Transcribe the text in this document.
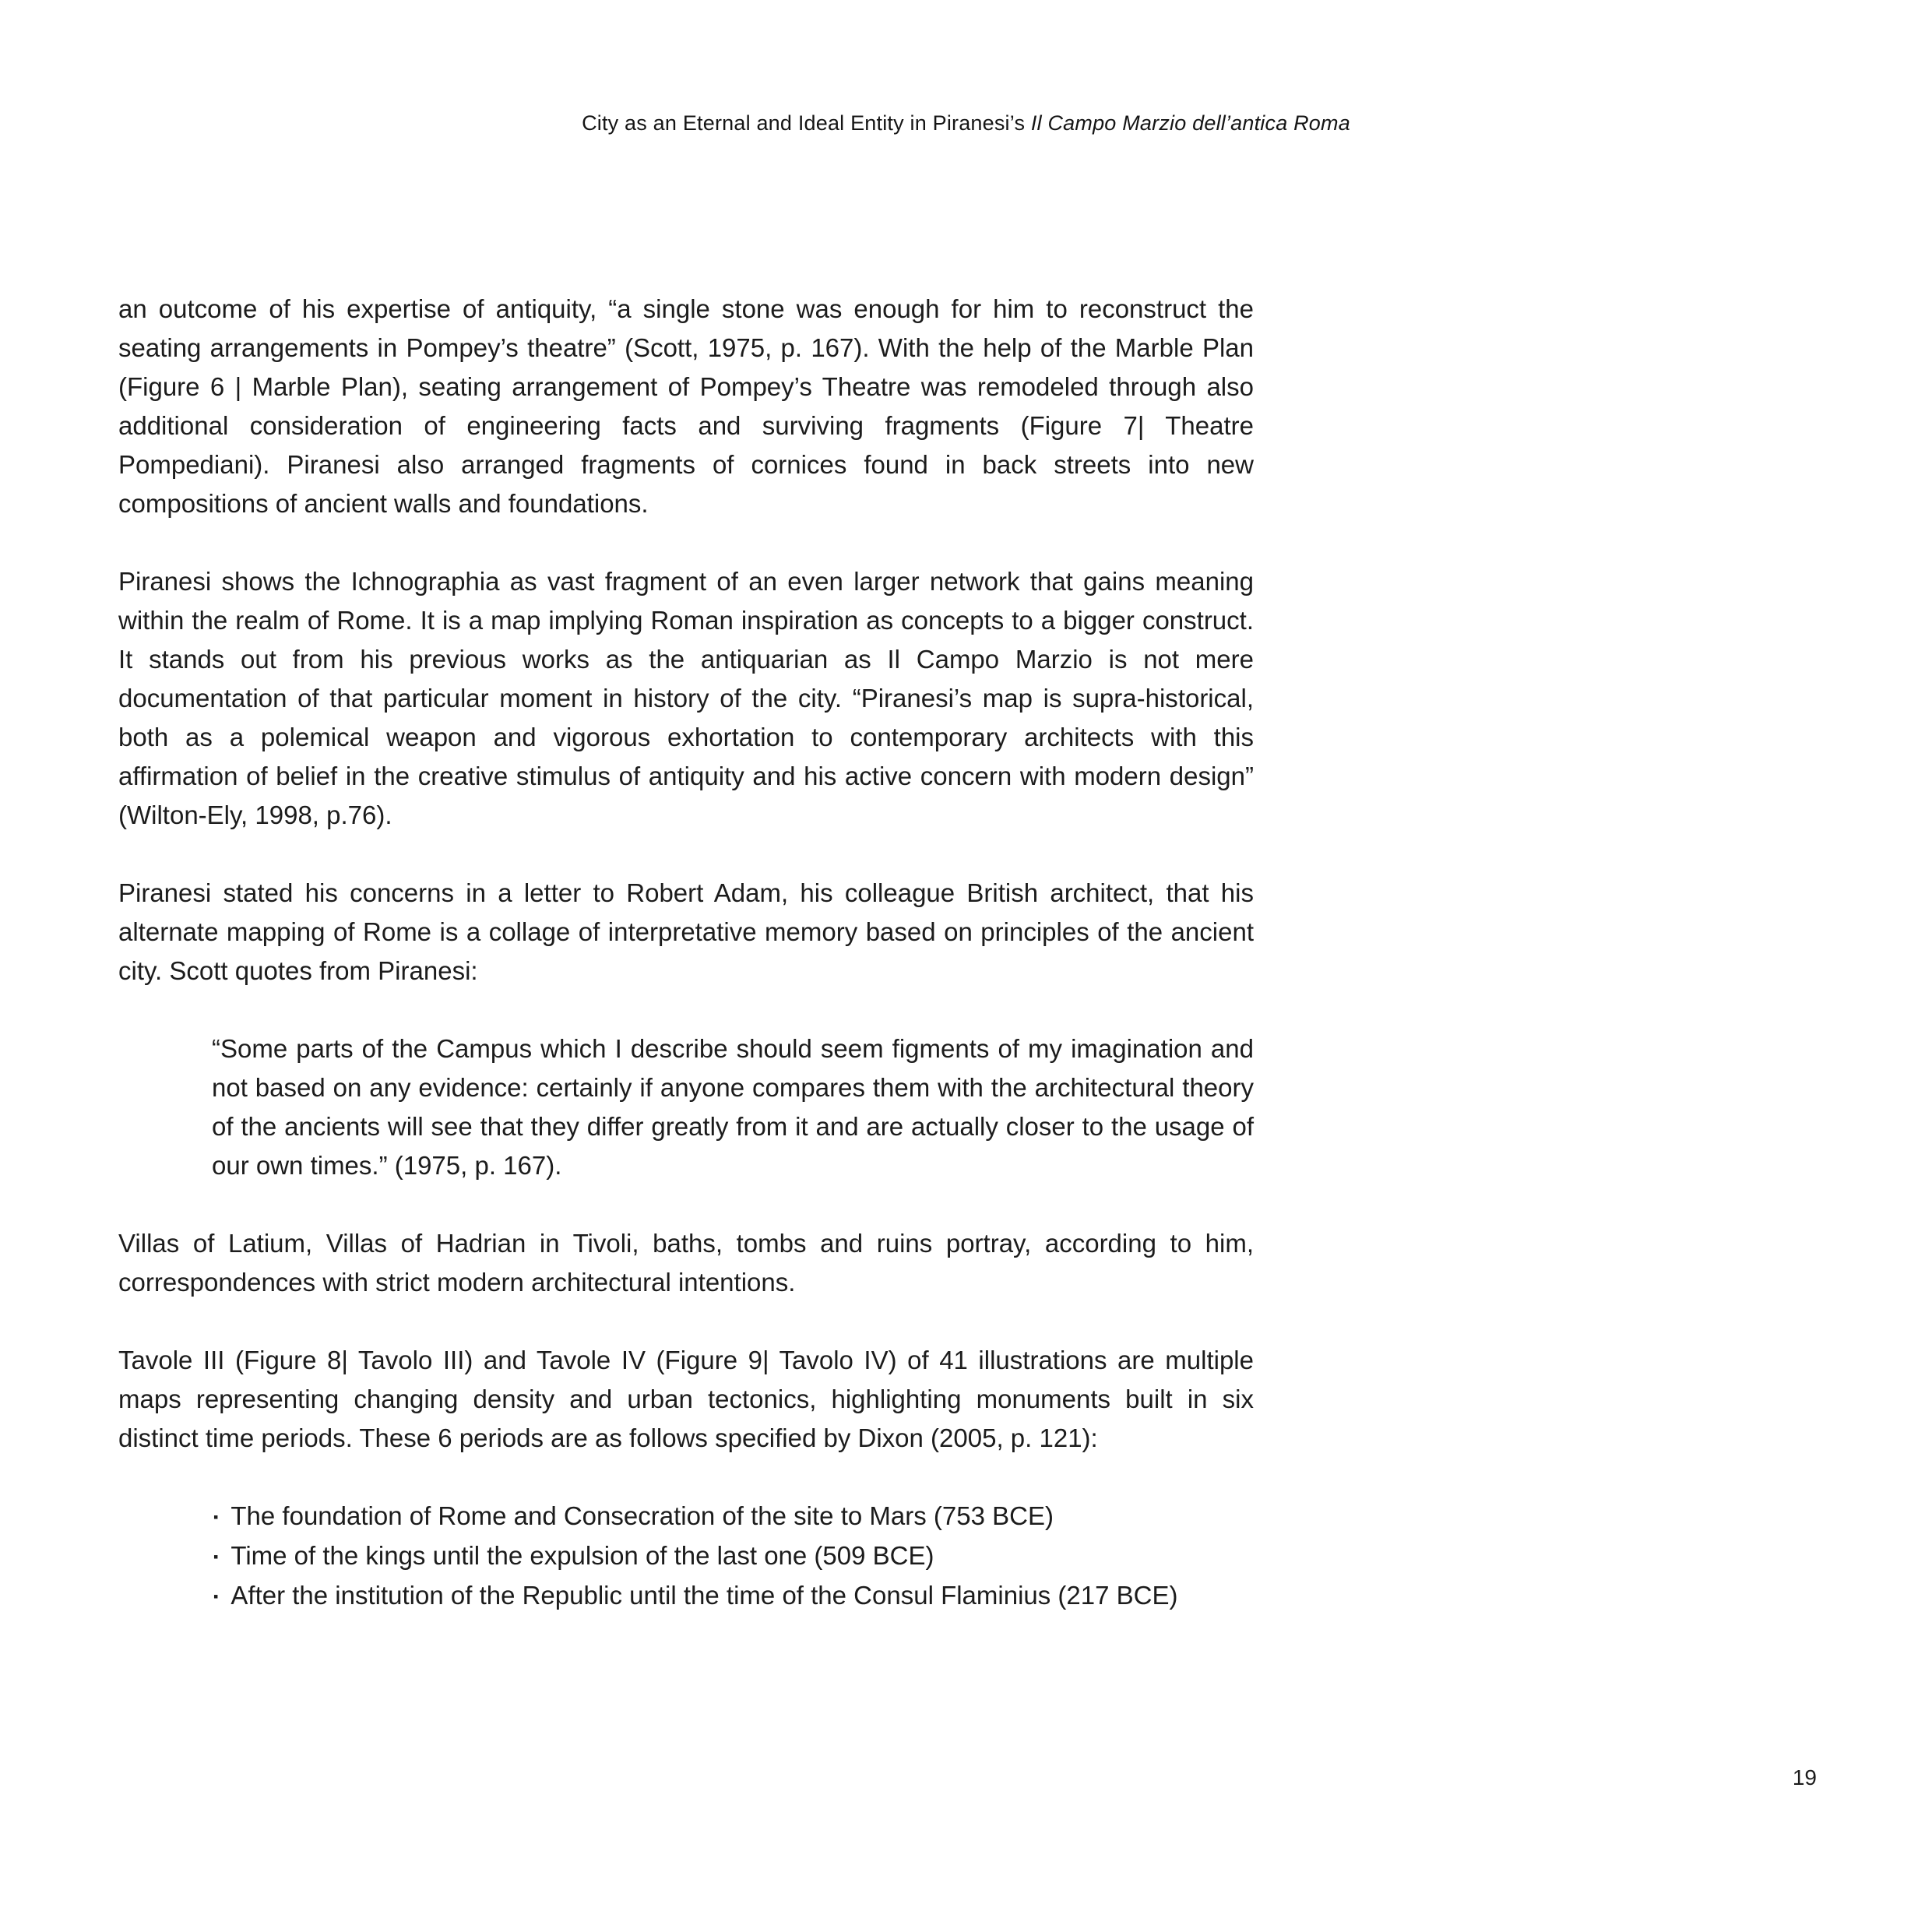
City as an Eternal and Ideal Entity in Piranesi’s Il Campo Marzio dell’antica Roma

an outcome of his expertise of antiquity, “a single stone was enough for him to reconstruct the seating arrangements in Pompey’s theatre” (Scott, 1975, p. 167). With the help of the Marble Plan (Figure 6 | Marble Plan), seating arrangement of Pompey’s Theatre was remodeled through also additional consideration of engineering facts and surviving fragments (Figure 7| Theatre Pompediani). Piranesi also arranged fragments of cornices found in back streets into new compositions of ancient walls and foundations.

Piranesi shows the Ichnographia as vast fragment of an even larger network that gains meaning within the realm of Rome. It is a map implying Roman inspiration as concepts to a bigger construct. It stands out from his previous works as the antiquarian as Il Campo Marzio is not mere documentation of that particular moment in history of the city. “Piranesi’s map is supra-historical, both as a polemical weapon and vigorous exhortation to contemporary architects with this affirmation of belief in the creative stimulus of antiquity and his active concern with modern design” (Wilton-Ely, 1998, p.76).

Piranesi stated his concerns in a letter to Robert Adam, his colleague British architect, that his alternate mapping of Rome is a collage of interpretative memory based on principles of the ancient city. Scott quotes from Piranesi:

“Some parts of the Campus which I describe should seem figments of my imagination and not based on any evidence: certainly if anyone compares them with the architectural theory of the ancients will see that they differ greatly from it and are actually closer to the usage of our own times.” (1975, p. 167).

Villas of Latium, Villas of Hadrian in Tivoli, baths, tombs and ruins portray, according to him, correspondences with strict modern architectural intentions.

Tavole III (Figure 8| Tavolo III) and Tavole IV (Figure 9| Tavolo IV) of 41 illustrations are multiple maps representing changing density and urban tectonics, highlighting monuments built in six distinct time periods. These 6 periods are as follows specified by Dixon (2005, p. 121):

▪ The foundation of Rome and Consecration of the site to Mars (753 BCE)
▪ Time of the kings until the expulsion of the last one (509 BCE)
▪ After the institution of the Republic until the time of the Consul Flaminius (217 BCE)
19
